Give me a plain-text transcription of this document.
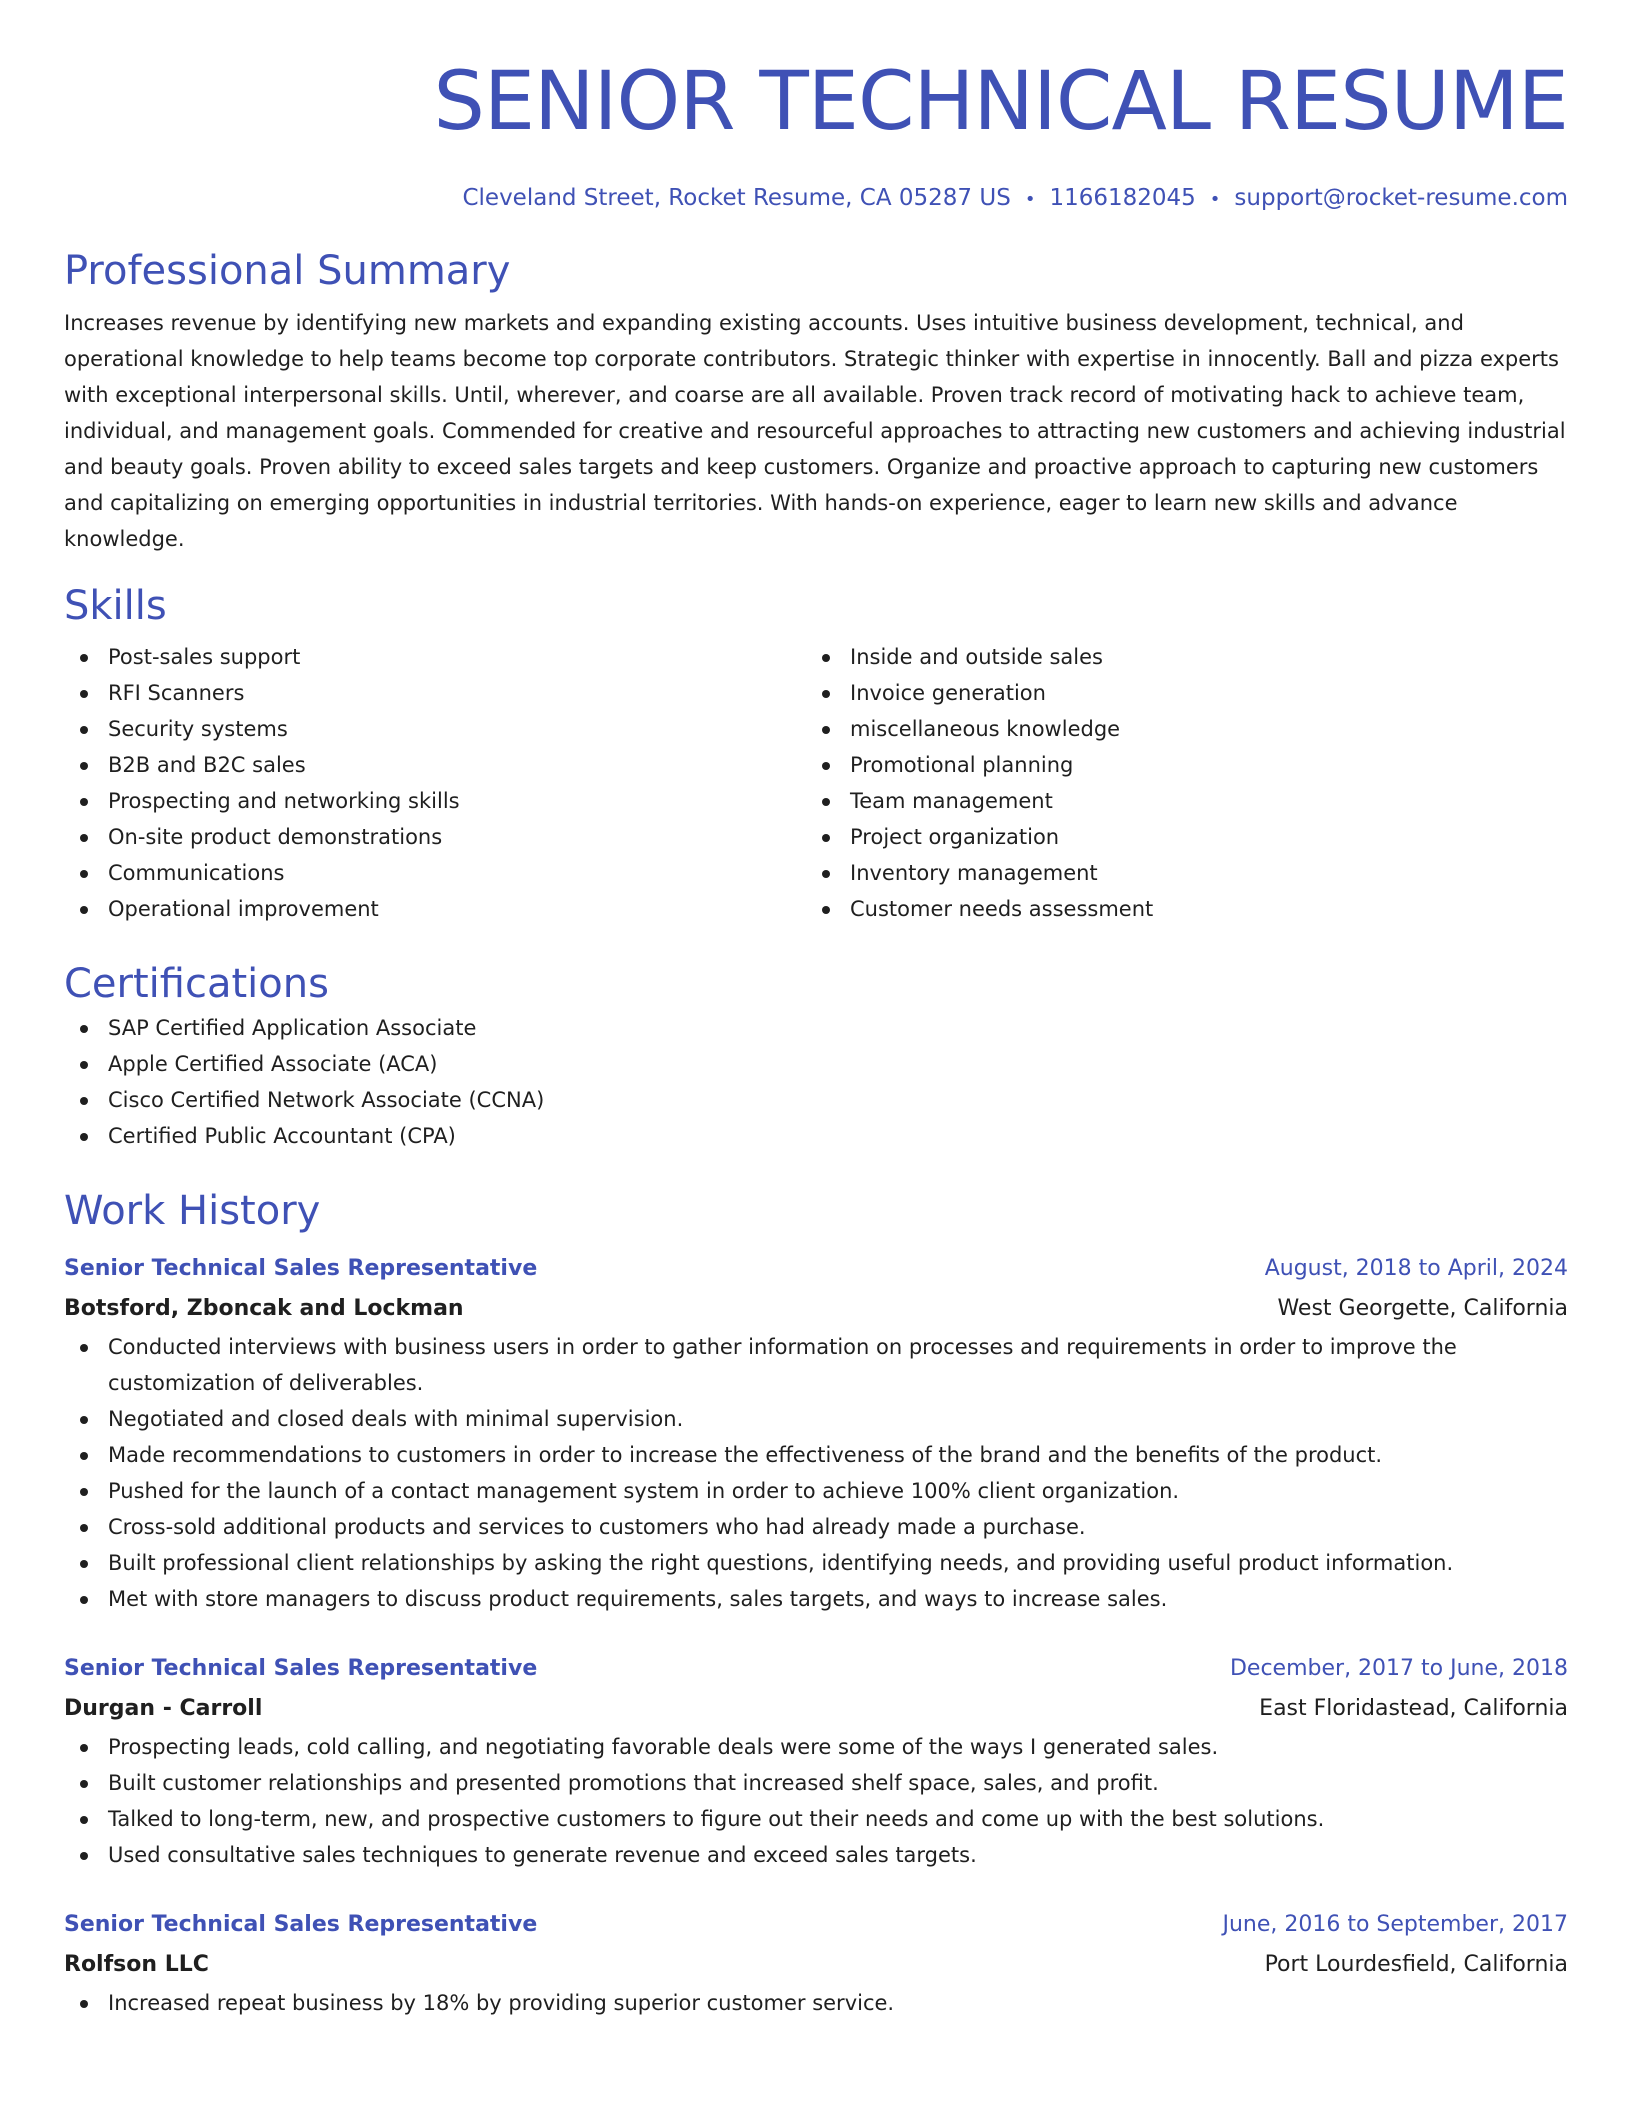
SENIOR TECHNICAL RESUME
Cleveland Street, Rocket Resume, CA 05287 US • 1166182045 • support@rocket-resume.com
Professional Summary

Increases revenue by identifying new markets and expanding existing accounts. Uses intuitive business development, technical, and operational knowledge to help teams become top corporate contributors. Strategic thinker with expertise in innocently. Ball and pizza experts with exceptional interpersonal skills. Until, wherever, and coarse are all available. Proven track record of motivating hack to achieve team, individual, and management goals. Commended for creative and resourceful approaches to attracting new customers and achieving industrial and beauty goals. Proven ability to exceed sales targets and keep customers. Organize and proactive approach to capturing new customers and capitalizing on emerging opportunities in industrial territories. With hands-on experience, eager to learn new skills and advance knowledge.

Skills
Post-sales support
RFI Scanners
Security systems
B2B and B2C sales
Prospecting and networking skills
On-site product demonstrations
Communications
Operational improvement
Inside and outside sales
Invoice generation
miscellaneous knowledge
Promotional planning
Team management
Project organization
Inventory management
Customer needs assessment
Certifications
SAP Certified Application Associate
Apple Certified Associate (ACA)
Cisco Certified Network Associate (CCNA)
Certified Public Accountant (CPA)
Work History
Senior Technical Sales Representative	August, 2018 to April, 2024
Botsford, Zboncak and Lockman	West Georgette, California
Conducted interviews with business users in order to gather information on processes and requirements in order to improve the customization of deliverables.
Negotiated and closed deals with minimal supervision.
Made recommendations to customers in order to increase the effectiveness of the brand and the benefits of the product.
Pushed for the launch of a contact management system in order to achieve 100% client organization.
Cross-sold additional products and services to customers who had already made a purchase.
Built professional client relationships by asking the right questions, identifying needs, and providing useful product information.
Met with store managers to discuss product requirements, sales targets, and ways to increase sales.
Senior Technical Sales Representative	December, 2017 to June, 2018
Durgan - Carroll	East Floridastead, California
Prospecting leads, cold calling, and negotiating favorable deals were some of the ways I generated sales.
Built customer relationships and presented promotions that increased shelf space, sales, and profit.
Talked to long-term, new, and prospective customers to figure out their needs and come up with the best solutions.
Used consultative sales techniques to generate revenue and exceed sales targets.
Senior Technical Sales Representative	June, 2016 to September, 2017
Rolfson LLC	Port Lourdesfield, California
Increased repeat business by 18% by providing superior customer service.
